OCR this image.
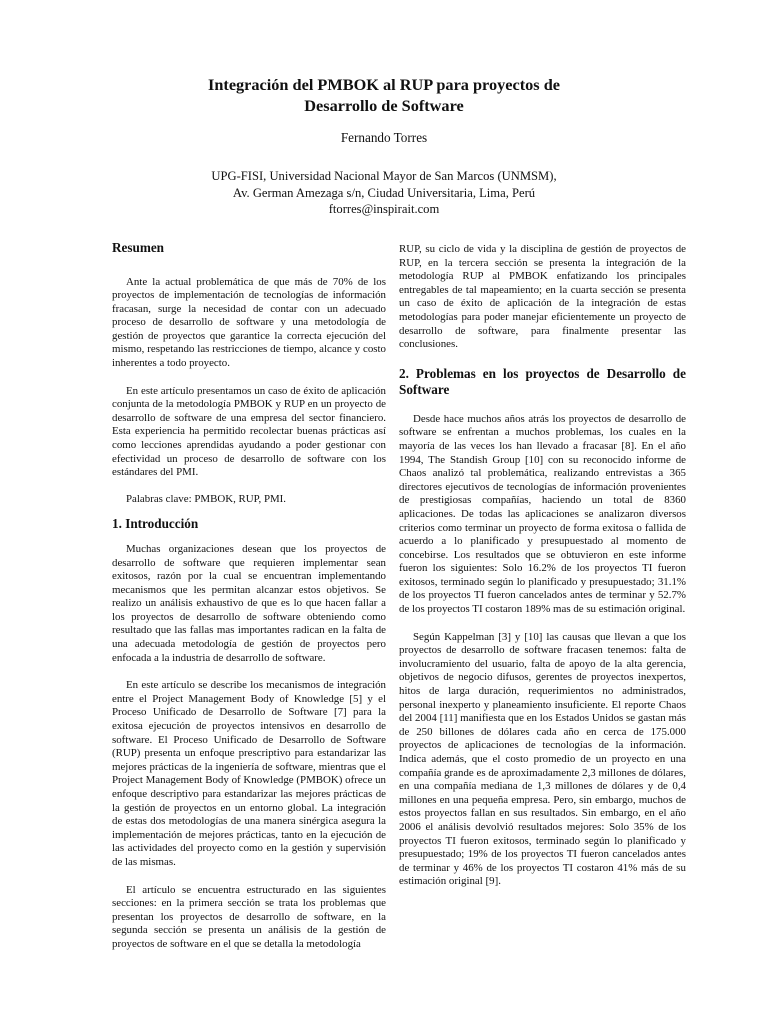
Integración del PMBOK al RUP para proyectos de
Desarrollo de Software
Fernando Torres
UPG-FISI, Universidad Nacional Mayor de San Marcos (UNMSM),
Av. German Amezaga s/n, Ciudad Universitaria, Lima, Perú
ftorres@inspirait.com

Resumen

Ante la actual problemática de que más de 70% de los proyectos de implementación de tecnologías de información fracasan, surge la necesidad de contar con un adecuado proceso de desarrollo de software y una metodología de gestión de proyectos que garantice la correcta ejecución del mismo, respetando las restricciones de tiempo, alcance y costo inherentes a todo proyecto.

En este artículo presentamos un caso de éxito de aplicación conjunta de la metodología PMBOK y RUP en un proyecto de desarrollo de software de una empresa del sector financiero. Esta experiencia ha permitido recolectar buenas prácticas así como lecciones aprendidas ayudando a poder gestionar con efectividad un proceso de desarrollo de software con los estándares del PMI.

Palabras clave: PMBOK, RUP, PMI.

1. Introducción

Muchas organizaciones desean que los proyectos de desarrollo de software que requieren implementar sean exitosos, razón por la cual se encuentran implementando mecanismos que les permitan alcanzar estos objetivos. Se realizo un análisis exhaustivo de que es lo que hacen fallar a los proyectos de desarrollo de software obteniendo como resultado que las fallas mas importantes radican en la falta de una adecuada metodología de gestión de proyectos pero enfocada a la industria de desarrollo de software.

En este artículo se describe los mecanismos de integración entre el Project Management Body of Knowledge [5] y el Proceso Unificado de Desarrollo de Software [7] para la exitosa ejecución de proyectos intensivos en desarrollo de software. El Proceso Unificado de Desarrollo de Software (RUP) presenta un enfoque prescriptivo para estandarizar las mejores prácticas de la ingeniería de software, mientras que el Project Management Body of Knowledge (PMBOK) ofrece un enfoque descriptivo para estandarizar las mejores prácticas de la gestión de proyectos en un entorno global. La integración de estas dos metodologías de una manera sinérgica asegura la implementación de mejores prácticas, tanto en la ejecución de las actividades del proyecto como en la gestión y supervisión de las mismas.

El artículo se encuentra estructurado en las siguientes secciones: en la primera sección se trata los problemas que presentan los proyectos de desarrollo de software, en la segunda sección se presenta un análisis de la gestión de proyectos de software en el que se detalla la metodología

RUP, su ciclo de vida y la disciplina de gestión de proyectos de RUP, en la tercera sección se presenta la integración de la metodología RUP al PMBOK enfatizando los principales entregables de tal mapeamiento; en la cuarta sección se presenta un caso de éxito de aplicación de la integración de estas metodologías para poder manejar eficientemente un proyecto de desarrollo de software, para finalmente presentar las conclusiones.

2. Problemas en los proyectos de Desarrollo de Software

Desde hace muchos años atrás los proyectos de desarrollo de software se enfrentan a muchos problemas, los cuales en la mayoría de las veces los han llevado a fracasar [8]. En el año 1994, The Standish Group [10] con su reconocido informe de Chaos analizó tal problemática, realizando entrevistas a 365 directores ejecutivos de tecnologías de información provenientes de prestigiosas compañías, haciendo un total de 8360 aplicaciones. De todas las aplicaciones se analizaron diversos criterios como terminar un proyecto de forma exitosa o fallida de acuerdo a lo planificado y presupuestado al momento de concebirse. Los resultados que se obtuvieron en este informe fueron los siguientes: Solo 16.2% de los proyectos TI fueron exitosos, terminado según lo planificado y presupuestado; 31.1% de los proyectos TI fueron cancelados antes de terminar y 52.7% de los proyectos TI costaron 189% mas de su estimación original.

Según Kappelman [3] y [10] las causas que llevan a que los proyectos de desarrollo de software fracasen tenemos: falta de involucramiento del usuario, falta de apoyo de la alta gerencia, objetivos de negocio difusos, gerentes de proyectos inexpertos, hitos de larga duración, requerimientos no administrados, personal inexperto y planeamiento insuficiente. El reporte Chaos del 2004 [11] manifiesta que en los Estados Unidos se gastan más de 250 billones de dólares cada año en cerca de 175.000 proyectos de aplicaciones de tecnologías de la información. Indica además, que el costo promedio de un proyecto en una compañía grande es de aproximadamente 2,3 millones de dólares, en una compañía mediana de 1,3 millones de dólares y de 0,4 millones en una pequeña empresa. Pero, sin embargo, muchos de estos proyectos fallan en sus resultados. Sin embargo, en el año 2006 el análisis devolvió resultados mejores: Solo 35% de los proyectos TI fueron exitosos, terminado según lo planificado y presupuestado; 19% de los proyectos TI fueron cancelados antes de terminar y 46% de los proyectos TI costaron 41% más de su estimación original [9].
